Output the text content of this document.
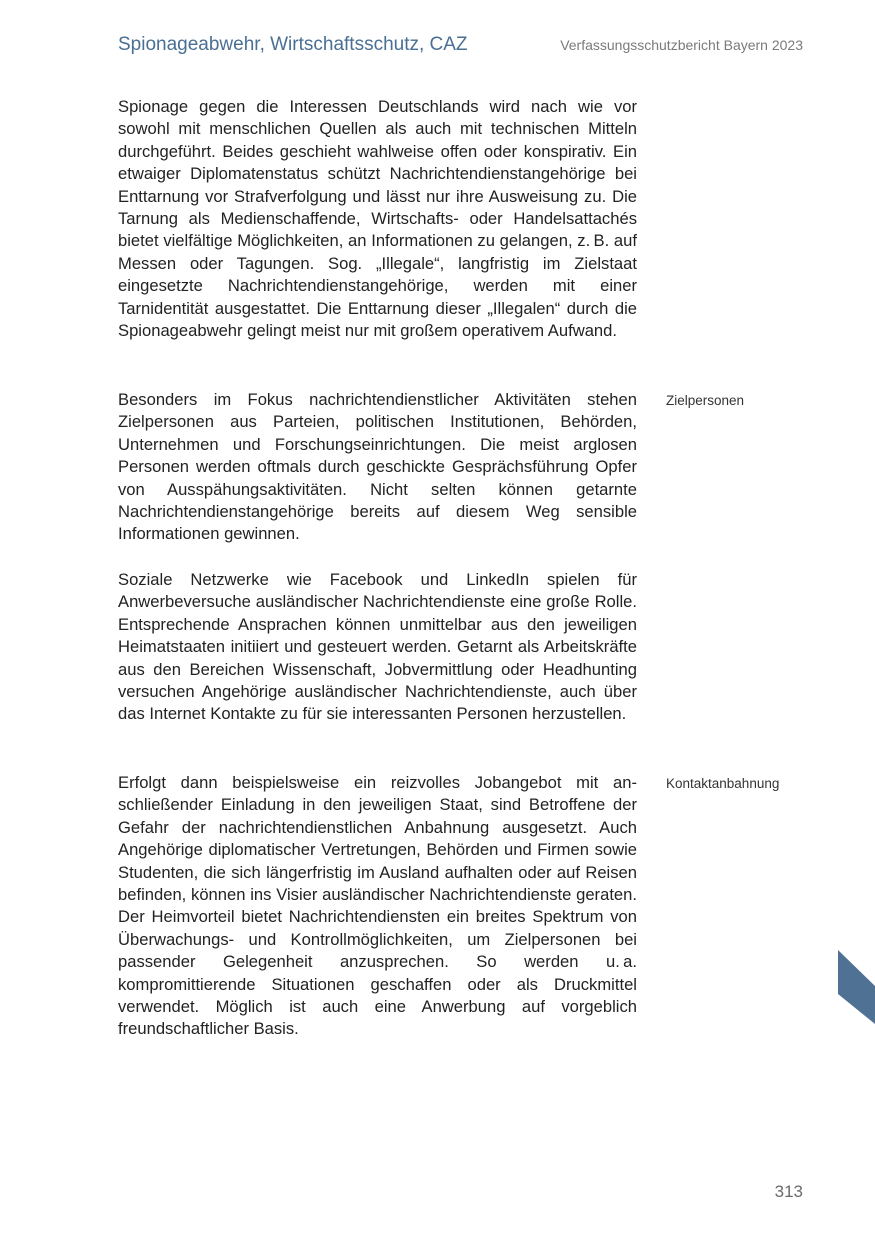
Spionageabwehr, Wirtschaftsschutz, CAZ	Verfassungsschutzbericht Bayern 2023

Spionage gegen die Interessen Deutschlands wird nach wie vor sowohl mit menschlichen Quellen als auch mit technischen Mitteln durchgeführt. Beides geschieht wahlweise offen oder konspirativ. Ein etwaiger Diplomatenstatus schützt Nachrichtendienstangehörige bei Enttarnung vor Strafverfolgung und lässt nur ihre Ausweisung zu. Die Tarnung als Medienschaffende, Wirtschafts- oder Handelsattachés bietet vielfältige Möglichkeiten, an Informationen zu gelangen, z. B. auf Messen oder Tagungen. Sog. „Illegale“, langfristig im Zielstaat eingesetzte Nachrichtendienstangehörige, werden mit einer Tarnidentität ausgestattet. Die Enttarnung dieser „Illegalen“ durch die Spionageabwehr gelingt meist nur mit großem operativem Aufwand.

Besonders im Fokus nachrichtendienstlicher Aktivitäten stehen Zielpersonen aus Parteien, politischen Institutionen, Behörden, Unternehmen und Forschungseinrichtungen. Die meist arglosen Personen werden oftmals durch geschickte Gesprächsführung Opfer von Ausspähungsaktivitäten. Nicht selten können getarnte Nachrichtendienstangehörige bereits auf diesem Weg sensible Informationen gewinnen.

Soziale Netzwerke wie Facebook und LinkedIn spielen für Anwerbeversuche ausländischer Nachrichtendienste eine große Rolle. Entsprechende Ansprachen können unmittelbar aus den jeweiligen Heimatstaaten initiiert und gesteuert werden. Getarnt als Arbeitskräfte aus den Bereichen Wissenschaft, Jobvermittlung oder Headhunting versuchen Angehörige ausländischer Nachrichtendienste, auch über das Internet Kontakte zu für sie interessanten Personen herzustellen.

Erfolgt dann beispielsweise ein reizvolles Jobangebot mit anschließender Einladung in den jeweiligen Staat, sind Betroffene der Gefahr der nachrichtendienstlichen Anbahnung ausgesetzt. Auch Angehörige diplomatischer Vertretungen, Behörden und Firmen sowie Studenten, die sich längerfristig im Ausland aufhalten oder auf Reisen befinden, können ins Visier ausländischer Nachrichtendienste geraten. Der Heimvorteil bietet Nachrichtendiensten ein breites Spektrum von Überwachungs- und Kontrollmöglichkeiten, um Zielpersonen bei passender Gelegenheit anzusprechen. So werden u. a. kompromittierende Situationen geschaffen oder als Druckmittel verwendet. Möglich ist auch eine Anwerbung auf vorgeblich freundschaftlicher Basis.

Zielpersonen
Kontaktanbahnung
313
